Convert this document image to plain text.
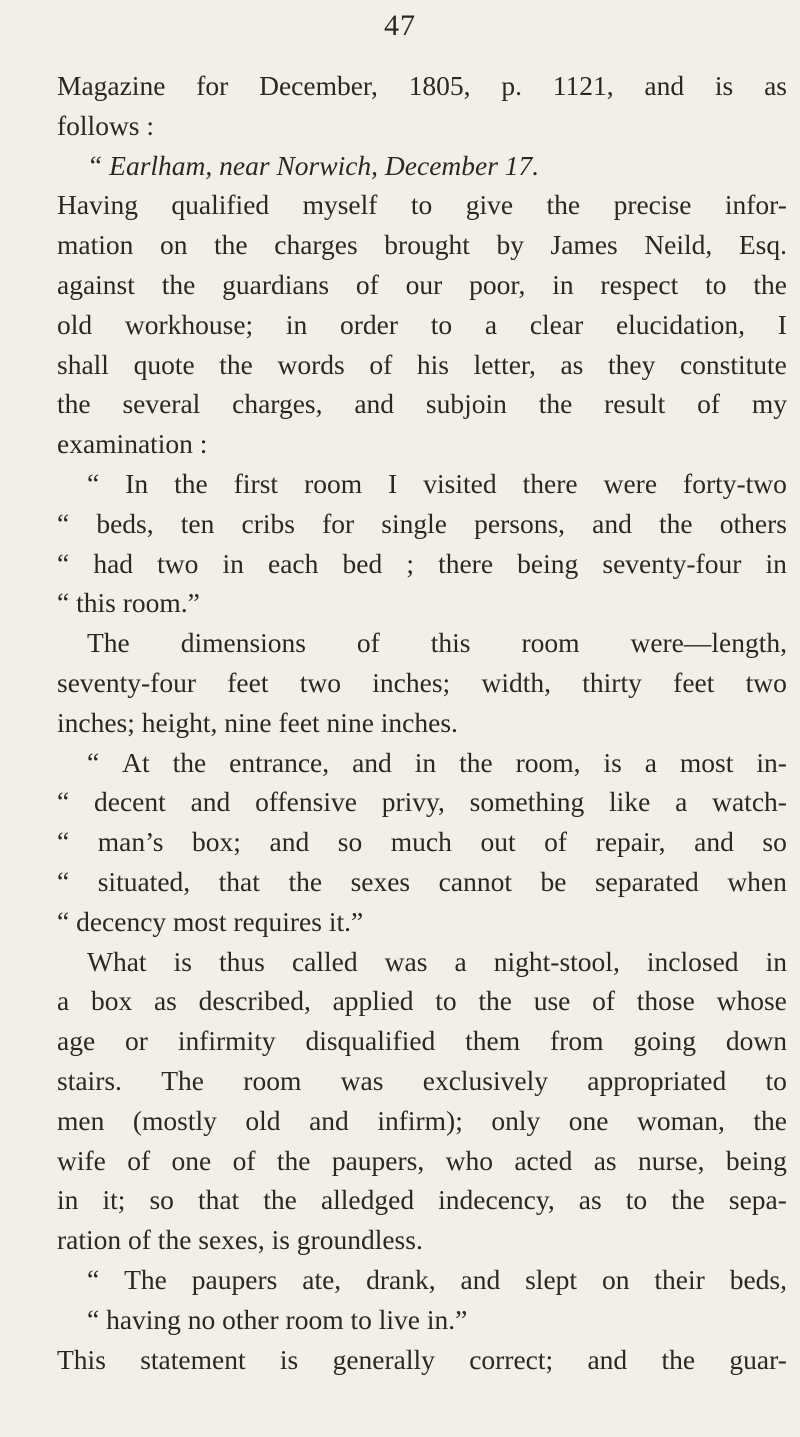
47
Magazine for December, 1805, p. 1121, and is as
follows :
“ Earlham, near Norwich, December 17.
Having qualified myself to give the precise infor-
mation on the charges brought by James Neild, Esq.
against the guardians of our poor, in respect to the
old workhouse; in order to a clear elucidation, I
shall quote the words of his letter, as they constitute
the several charges, and subjoin the result of my
examination :
“ In the first room I visited there were forty-two
“ beds, ten cribs for single persons, and the others
“ had two in each bed ; there being seventy-four in
“ this room.”
The dimensions of this room were—length,
seventy-four feet two inches; width, thirty feet two
inches; height, nine feet nine inches.
“ At the entrance, and in the room, is a most in-
“ decent and offensive privy, something like a watch-
“ man’s box; and so much out of repair, and so
“ situated, that the sexes cannot be separated when
“ decency most requires it.”
What is thus called was a night-stool, inclosed in
a box as described, applied to the use of those whose
age or infirmity disqualified them from going down
stairs. The room was exclusively appropriated to
men (mostly old and infirm); only one woman, the
wife of one of the paupers, who acted as nurse, being
in it; so that the alledged indecency, as to the sepa-
ration of the sexes, is groundless.
“ The paupers ate, drank, and slept on their beds,
“ having no other room to live in.”
This statement is generally correct; and the guar-
